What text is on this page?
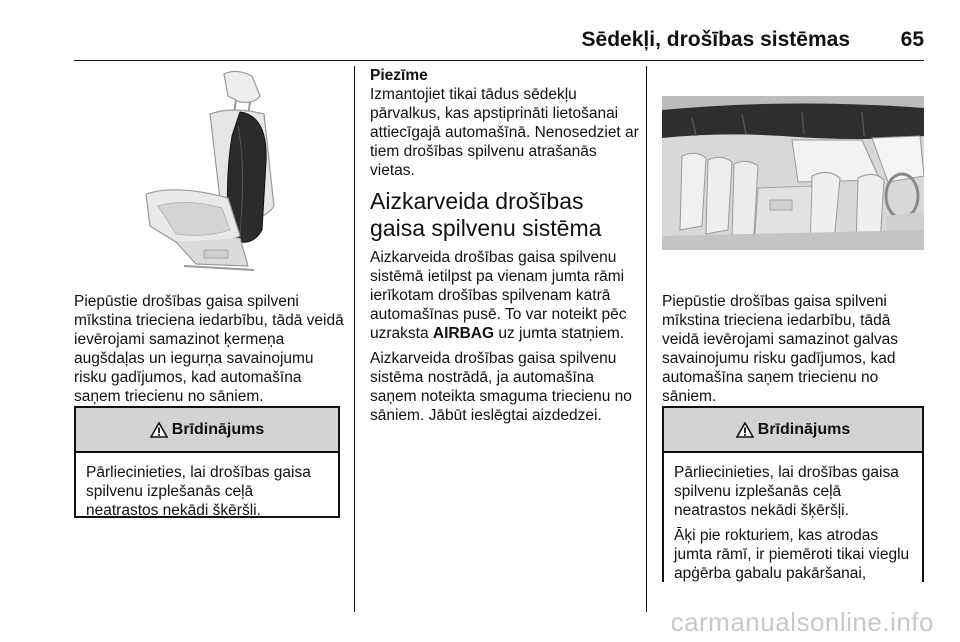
Sēdekļi, drošības sistēmas 65

Piepūstie drošības gaisa spilveni mīkstina trieciena iedarbību, tādā veidā ievērojami samazinot ķermeņa augšdaļas un iegurņa savainojumu risku gadījumos, kad automašīna saņem triecienu no sāniem.

Brīdinājums

Pārliecinieties, lai drošības gaisa spilvenu izplešanās ceļā neatrastos nekādi šķēršļi.

Piezīme

Izmantojiet tikai tādus sēdekļu pārvalkus, kas apstiprināti lietošanai attiecīgajā automašīnā. Nenosedziet ar tiem drošības spilvenu atrašanās vietas.

Aizkarveida drošības gaisa spilvenu sistēma

Aizkarveida drošības gaisa spilvenu sistēmā ietilpst pa vienam jumta rāmi ierīkotam drošības spilvenam katrā automašīnas pusē. To var noteikt pēc uzraksta AIRBAG uz jumta statņiem.

Aizkarveida drošības gaisa spilvenu sistēma nostrādā, ja automašīna saņem noteikta smaguma triecienu no sāniem. Jābūt ieslēgtai aizdedzei.

Piepūstie drošības gaisa spilveni mīkstina trieciena iedarbību, tādā veidā ievērojami samazinot galvas savainojumu risku gadījumos, kad automašīna saņem triecienu no sāniem.

Brīdinājums

Pārliecinieties, lai drošības gaisa spilvenu izplešanās ceļā neatrastos nekādi šķēršļi.

Āķi pie rokturiem, kas atrodas jumta rāmī, ir piemēroti tikai vieglu apģērba gabalu pakāršanai,

carmanualsonline.info
